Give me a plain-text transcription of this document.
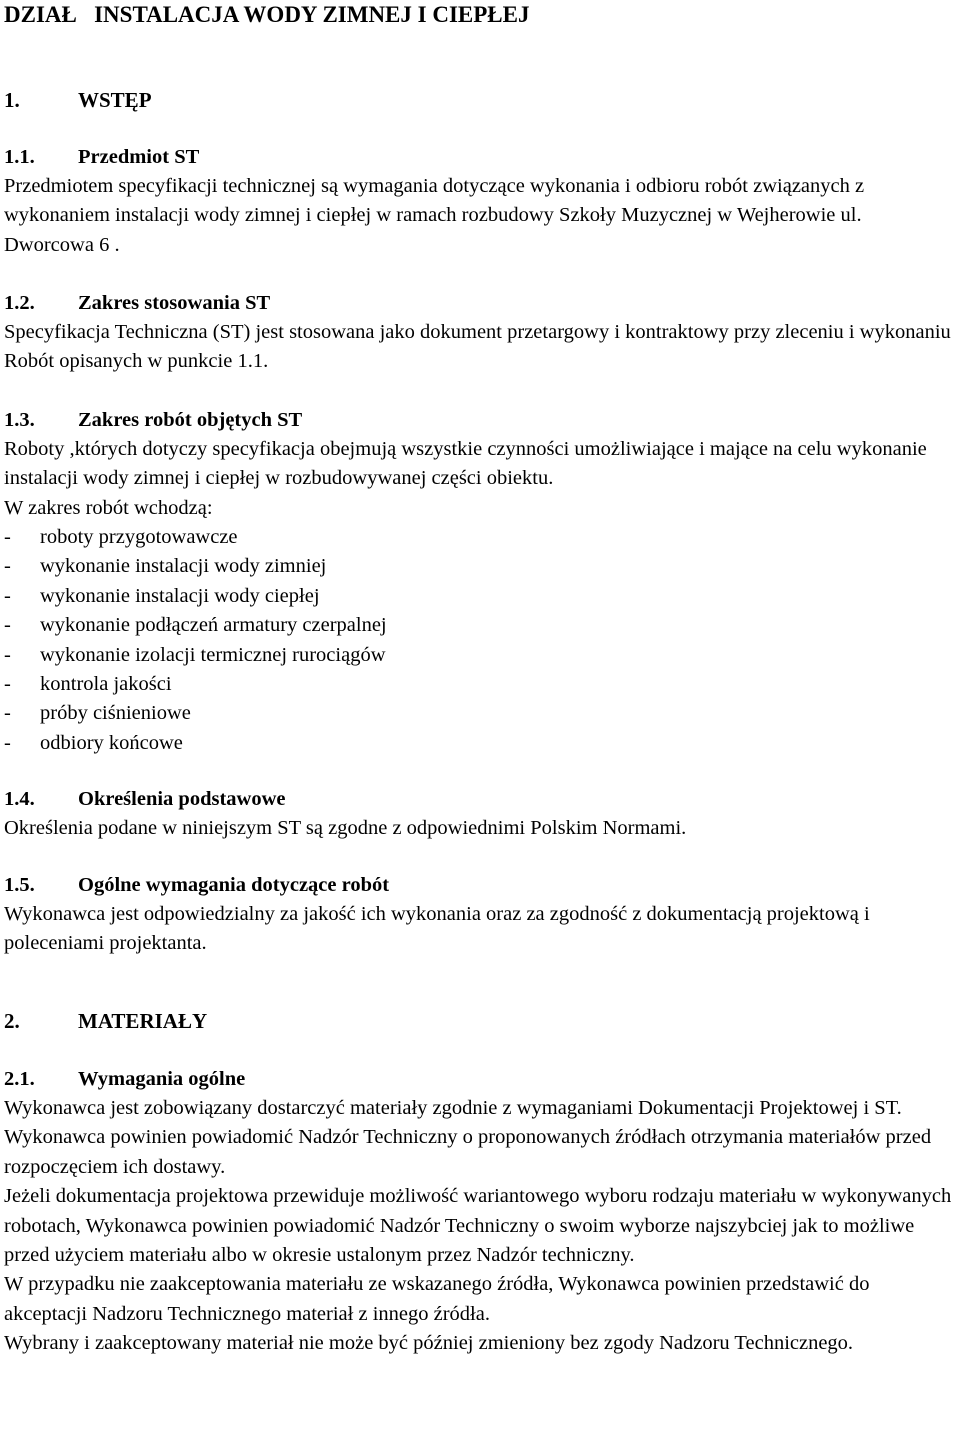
DZIAŁ   INSTALACJA WODY ZIMNEJ I CIEPŁEJ
1.	WSTĘP
1.1. Przedmiot ST

Przedmiotem specyfikacji technicznej są wymagania dotyczące wykonania i odbioru robót związanych z wykonaniem instalacji wody zimnej i ciepłej w ramach rozbudowy Szkoły Muzycznej w Wejherowie ul. Dworcowa 6 .

1.2. Zakres stosowania ST

Specyfikacja Techniczna (ST) jest stosowana jako dokument przetargowy i kontraktowy przy zleceniu i wykonaniu Robót opisanych w punkcie 1.1.

1.3. Zakres robót objętych ST

Roboty ,których dotyczy specyfikacja obejmują wszystkie czynności umożliwiające i mające na celu wykonanie instalacji wody zimnej i ciepłej w rozbudowywanej części obiektu.

W zakres robót wchodzą:

- roboty przygotowawcze
- wykonanie instalacji wody zimniej
- wykonanie instalacji wody ciepłej
- wykonanie podłączeń armatury czerpalnej
- wykonanie izolacji termicznej rurociągów
- kontrola jakości
- próby ciśnieniowe
- odbiory końcowe
1.4. Określenia podstawowe

Określenia podane w niniejszym ST są zgodne z odpowiednimi Polskim Normami.

1.5. Ogólne wymagania dotyczące robót

Wykonawca jest odpowiedzialny za jakość ich wykonania oraz za zgodność z dokumentacją projektową i poleceniami projektanta.

2.	MATERIAŁY
2.1. Wymagania ogólne

Wykonawca jest zobowiązany dostarczyć materiały zgodnie z wymaganiami Dokumentacji Projektowej i ST.

Wykonawca powinien powiadomić Nadzór Techniczny o proponowanych źródłach otrzymania materiałów przed rozpoczęciem ich dostawy.

Jeżeli dokumentacja projektowa przewiduje możliwość wariantowego wyboru rodzaju materiału w wykonywanych robotach, Wykonawca powinien powiadomić Nadzór Techniczny o swoim wyborze najszybciej jak to możliwe przed użyciem materiału albo w okresie ustalonym przez Nadzór techniczny.

W przypadku nie zaakceptowania materiału ze wskazanego źródła, Wykonawca powinien przedstawić do akceptacji Nadzoru Technicznego materiał z innego źródła.

Wybrany i zaakceptowany materiał nie może być później zmieniony bez zgody Nadzoru Technicznego.
